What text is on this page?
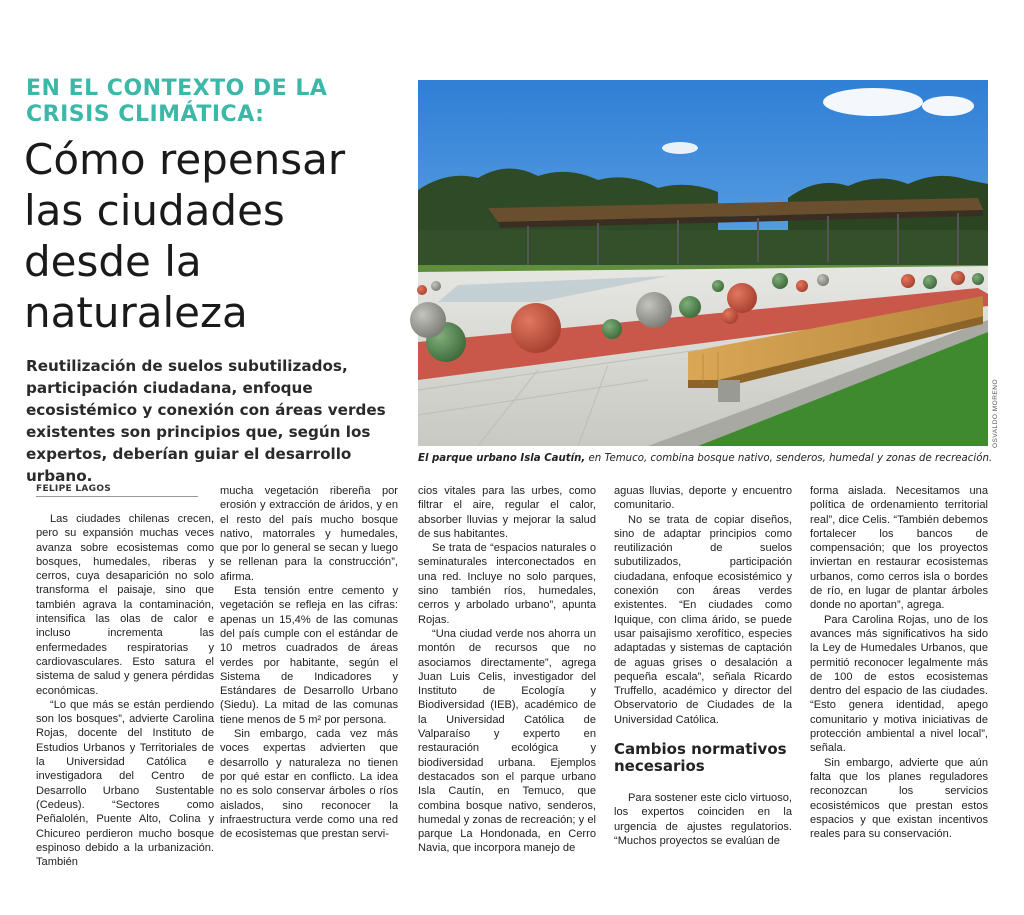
EN EL CONTEXTO DE LA CRISIS CLIMÁTICA:
Cómo repensar las ciudades desde la naturaleza
Reutilización de suelos subutilizados, participación ciudadana, enfoque ecosistémico y conexión con áreas verdes existentes son principios que, según los expertos, deberían guiar el desarrollo urbano.
OSVALDO MORENO
El parque urbano Isla Cautín, en Temuco, combina bosque nativo, senderos, humedal y zonas de recreación.
FELIPE LAGOS

Las ciudades chilenas crecen, pero su expansión muchas veces avanza sobre ecosistemas como bosques, humedales, riberas y cerros, cuya desaparición no solo transforma el paisaje, sino que también agrava la contaminación, intensifica las olas de calor e incluso incrementa las enfermedades respiratorias y cardiovasculares. Esto satura el sistema de salud y genera pérdidas económicas.

“Lo que más se están perdiendo son los bosques”, advierte Carolina Rojas, docente del Instituto de Estudios Urbanos y Territoriales de la Universidad Católica e investigadora del Centro de Desarrollo Urbano Sustentable (Cedeus). “Sectores como Peñalolén, Puente Alto, Colina y Chicureo perdieron mucho bosque espinoso debido a la urbanización. También

mucha vegetación ribereña por erosión y extracción de áridos, y en el resto del país mucho bosque nativo, matorrales y humedales, que por lo general se secan y luego se rellenan para la construcción”, afirma.

Esta tensión entre cemento y vegetación se refleja en las cifras: apenas un 15,4% de las comunas del país cumple con el estándar de 10 metros cuadrados de áreas verdes por habitante, según el Sistema de Indicadores y Estándares de Desarrollo Urbano (Siedu). La mitad de las comunas tiene menos de 5 m² por persona.

Sin embargo, cada vez más voces expertas advierten que desarrollo y naturaleza no tienen por qué estar en conflicto. La idea no es solo conservar árboles o ríos aislados, sino reconocer la infraestructura verde como una red de ecosistemas que prestan servi-

cios vitales para las urbes, como filtrar el aire, regular el calor, absorber lluvias y mejorar la salud de sus habitantes.

Se trata de “espacios naturales o seminaturales interconectados en una red. Incluye no solo parques, sino también ríos, humedales, cerros y arbolado urbano”, apunta Rojas.

“Una ciudad verde nos ahorra un montón de recursos que no asociamos directamente”, agrega Juan Luis Celis, investigador del Instituto de Ecología y Biodiversidad (IEB), académico de la Universidad Católica de Valparaíso y experto en restauración ecológica y biodiversidad urbana. Ejemplos destacados son el parque urbano Isla Cautín, en Temuco, que combina bosque nativo, senderos, humedal y zonas de recreación; y el parque La Hondonada, en Cerro Navia, que incorpora manejo de

aguas lluvias, deporte y encuentro comunitario.

No se trata de copiar diseños, sino de adaptar principios como reutilización de suelos subutilizados, participación ciudadana, enfoque ecosistémico y conexión con áreas verdes existentes. “En ciudades como Iquique, con clima árido, se puede usar paisajismo xerofítico, especies adaptadas y sistemas de captación de aguas grises o desalación a pequeña escala”, señala Ricardo Truffello, académico y director del Observatorio de Ciudades de la Universidad Católica.

Cambios normativos necesarios

Para sostener este ciclo virtuoso, los expertos coinciden en la urgencia de ajustes regulatorios. “Muchos proyectos se evalúan de

forma aislada. Necesitamos una política de ordenamiento territorial real”, dice Celis. “También debemos fortalecer los bancos de compensación; que los proyectos inviertan en restaurar ecosistemas urbanos, como cerros isla o bordes de río, en lugar de plantar árboles donde no aportan”, agrega.

Para Carolina Rojas, uno de los avances más significativos ha sido la Ley de Humedales Urbanos, que permitió reconocer legalmente más de 100 de estos ecosistemas dentro del espacio de las ciudades. “Esto genera identidad, apego comunitario y motiva iniciativas de protección ambiental a nivel local”, señala.

Sin embargo, advierte que aún falta que los planes reguladores reconozcan los servicios ecosistémicos que prestan estos espacios y que existan incentivos reales para su conservación.
